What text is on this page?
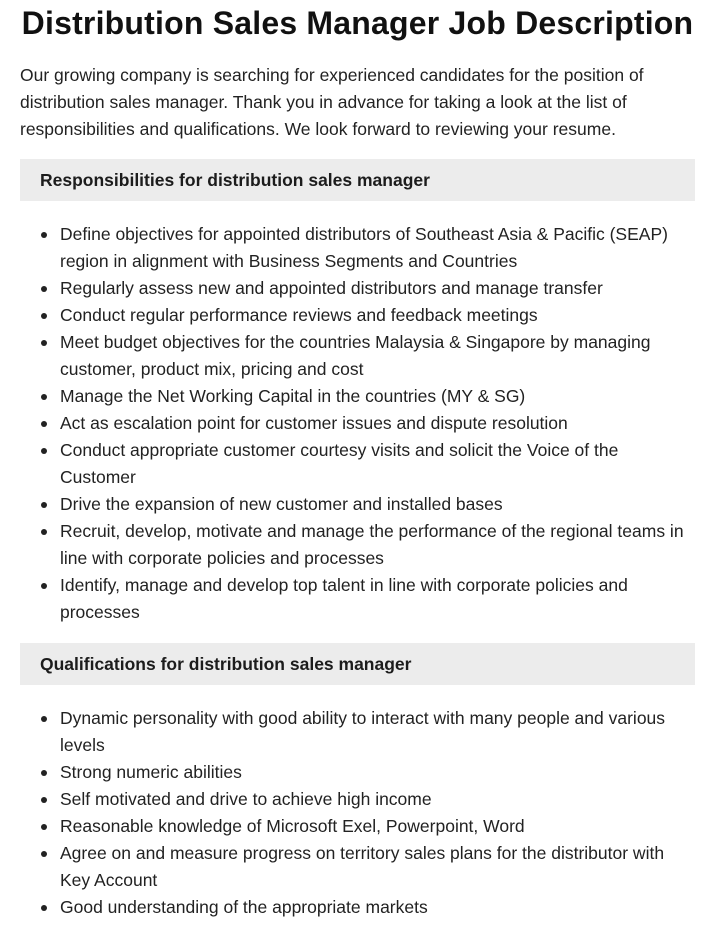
Distribution Sales Manager Job Description

Our growing company is searching for experienced candidates for the position of distribution sales manager. Thank you in advance for taking a look at the list of responsibilities and qualifications. We look forward to reviewing your resume.

Responsibilities for distribution sales manager
Define objectives for appointed distributors of Southeast Asia & Pacific (SEAP) region in alignment with Business Segments and Countries
Regularly assess new and appointed distributors and manage transfer
Conduct regular performance reviews and feedback meetings
Meet budget objectives for the countries Malaysia & Singapore by managing customer, product mix, pricing and cost
Manage the Net Working Capital in the countries (MY & SG)
Act as escalation point for customer issues and dispute resolution
Conduct appropriate customer courtesy visits and solicit the Voice of the Customer
Drive the expansion of new customer and installed bases
Recruit, develop, motivate and manage the performance of the regional teams in line with corporate policies and processes
Identify, manage and develop top talent in line with corporate policies and processes
Qualifications for distribution sales manager
Dynamic personality with good ability to interact with many people and various levels
Strong numeric abilities
Self motivated and drive to achieve high income
Reasonable knowledge of Microsoft Exel, Powerpoint, Word
Agree on and measure progress on territory sales plans for the distributor with Key Account
Good understanding of the appropriate markets
